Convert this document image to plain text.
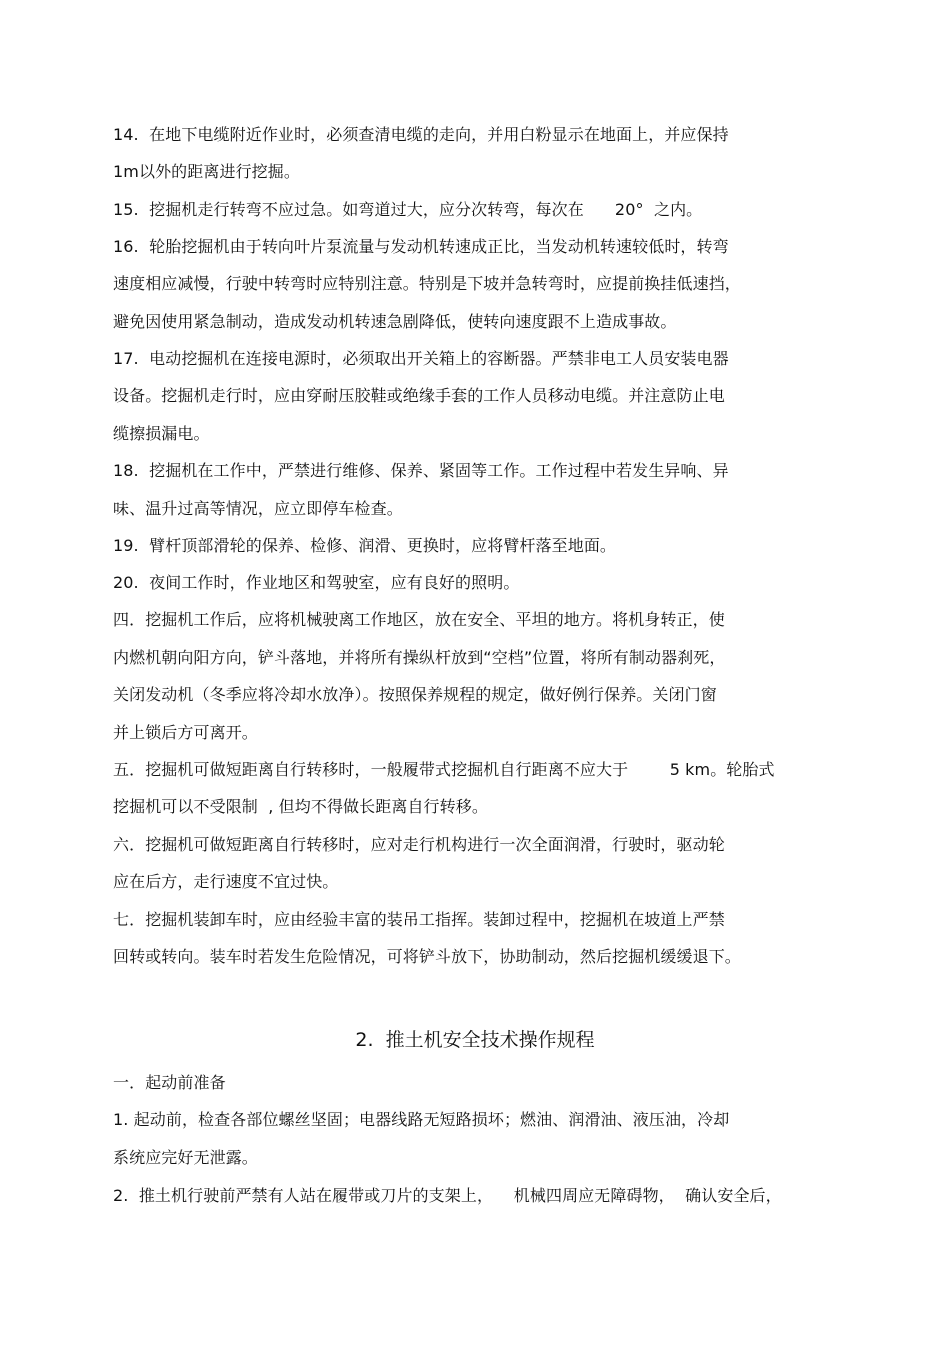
14.  在地下电缆附近作业时，必须查清电缆的走向，并用白粉显示在地面上，并应保持
1m以外的距离进行挖掘。
15.  挖掘机走行转弯不应过急。如弯道过大，应分次转弯，每次在      20°  之内。
16.  轮胎挖掘机由于转向叶片泵流量与发动机转速成正比，当发动机转速较低时，转弯
速度相应减慢，行驶中转弯时应特别注意。特别是下坡并急转弯时，应提前换挂低速挡，
避免因使用紧急制动，造成发动机转速急剧降低，使转向速度跟不上造成事故。
17.  电动挖掘机在连接电源时，必须取出开关箱上的容断器。严禁非电工人员安装电器
设备。挖掘机走行时，应由穿耐压胶鞋或绝缘手套的工作人员移动电缆。并注意防止电
缆擦损漏电。
18.  挖掘机在工作中，严禁进行维修、保养、紧固等工作。工作过程中若发生异响、异
味、温升过高等情况，应立即停车检查。
19.  臂杆顶部滑轮的保养、检修、润滑、更换时，应将臂杆落至地面。
20.  夜间工作时，作业地区和驾驶室，应有良好的照明。
四．挖掘机工作后，应将机械驶离工作地区，放在安全、平坦的地方。将机身转正，使
内燃机朝向阳方向，铲斗落地，并将所有操纵杆放到“空档”位置，将所有制动器刹死，
关闭发动机（冬季应将冷却水放净）。按照保养规程的规定，做好例行保养。关闭门窗
并上锁后方可离开。
五．挖掘机可做短距离自行转移时，一般履带式挖掘机自行距离不应大于        5 km。轮胎式
挖掘机可以不受限制  , 但均不得做长距离自行转移。
六．挖掘机可做短距离自行转移时，应对走行机构进行一次全面润滑，行驶时，驱动轮
应在后方，走行速度不宜过快。
七．挖掘机装卸车时，应由经验丰富的装吊工指挥。装卸过程中，挖掘机在坡道上严禁
回转或转向。装车时若发生危险情况，可将铲斗放下，协助制动，然后挖掘机缓缓退下。
2.  推土机安全技术操作规程
一．起动前准备
1. 起动前，检查各部位螺丝坚固；电器线路无短路损坏；燃油、润滑油、液压油，冷却
系统应完好无泄露。
2.  推土机行驶前严禁有人站在履带或刀片的支架上，    机械四周应无障碍物，  确认安全后，
